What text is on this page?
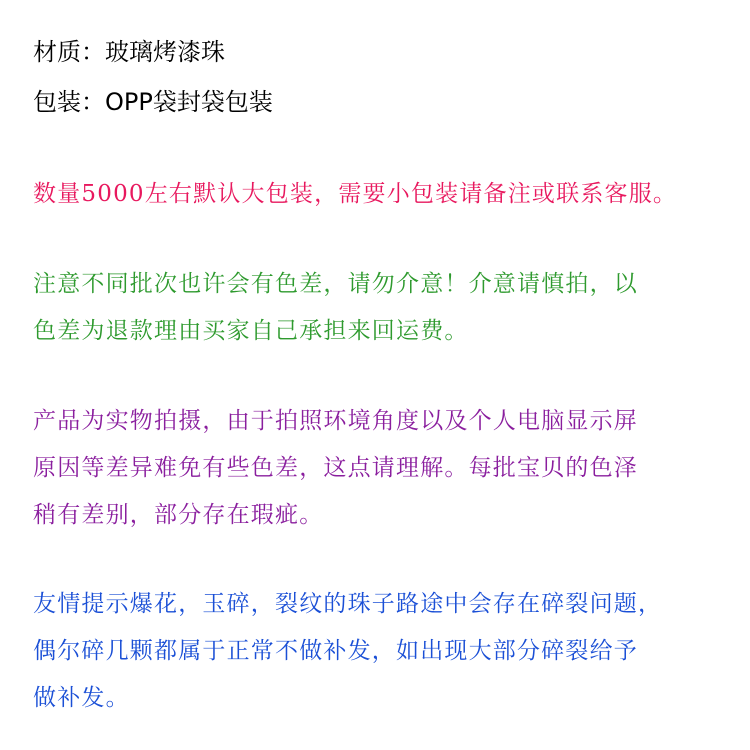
材质：玻璃烤漆珠
包装：OPP袋封袋包装
数量5000左右默认大包装，需要小包装请备注或联系客服。
注意不同批次也许会有色差，请勿介意！介意请慎拍，以
色差为退款理由买家自己承担来回运费。
产品为实物拍摄，由于拍照环境角度以及个人电脑显示屏
原因等差异难免有些色差，这点请理解。每批宝贝的色泽
稍有差别，部分存在瑕疵。
友情提示爆花，玉碎，裂纹的珠子路途中会存在碎裂问题，
偶尔碎几颗都属于正常不做补发，如出现大部分碎裂给予
做补发。
